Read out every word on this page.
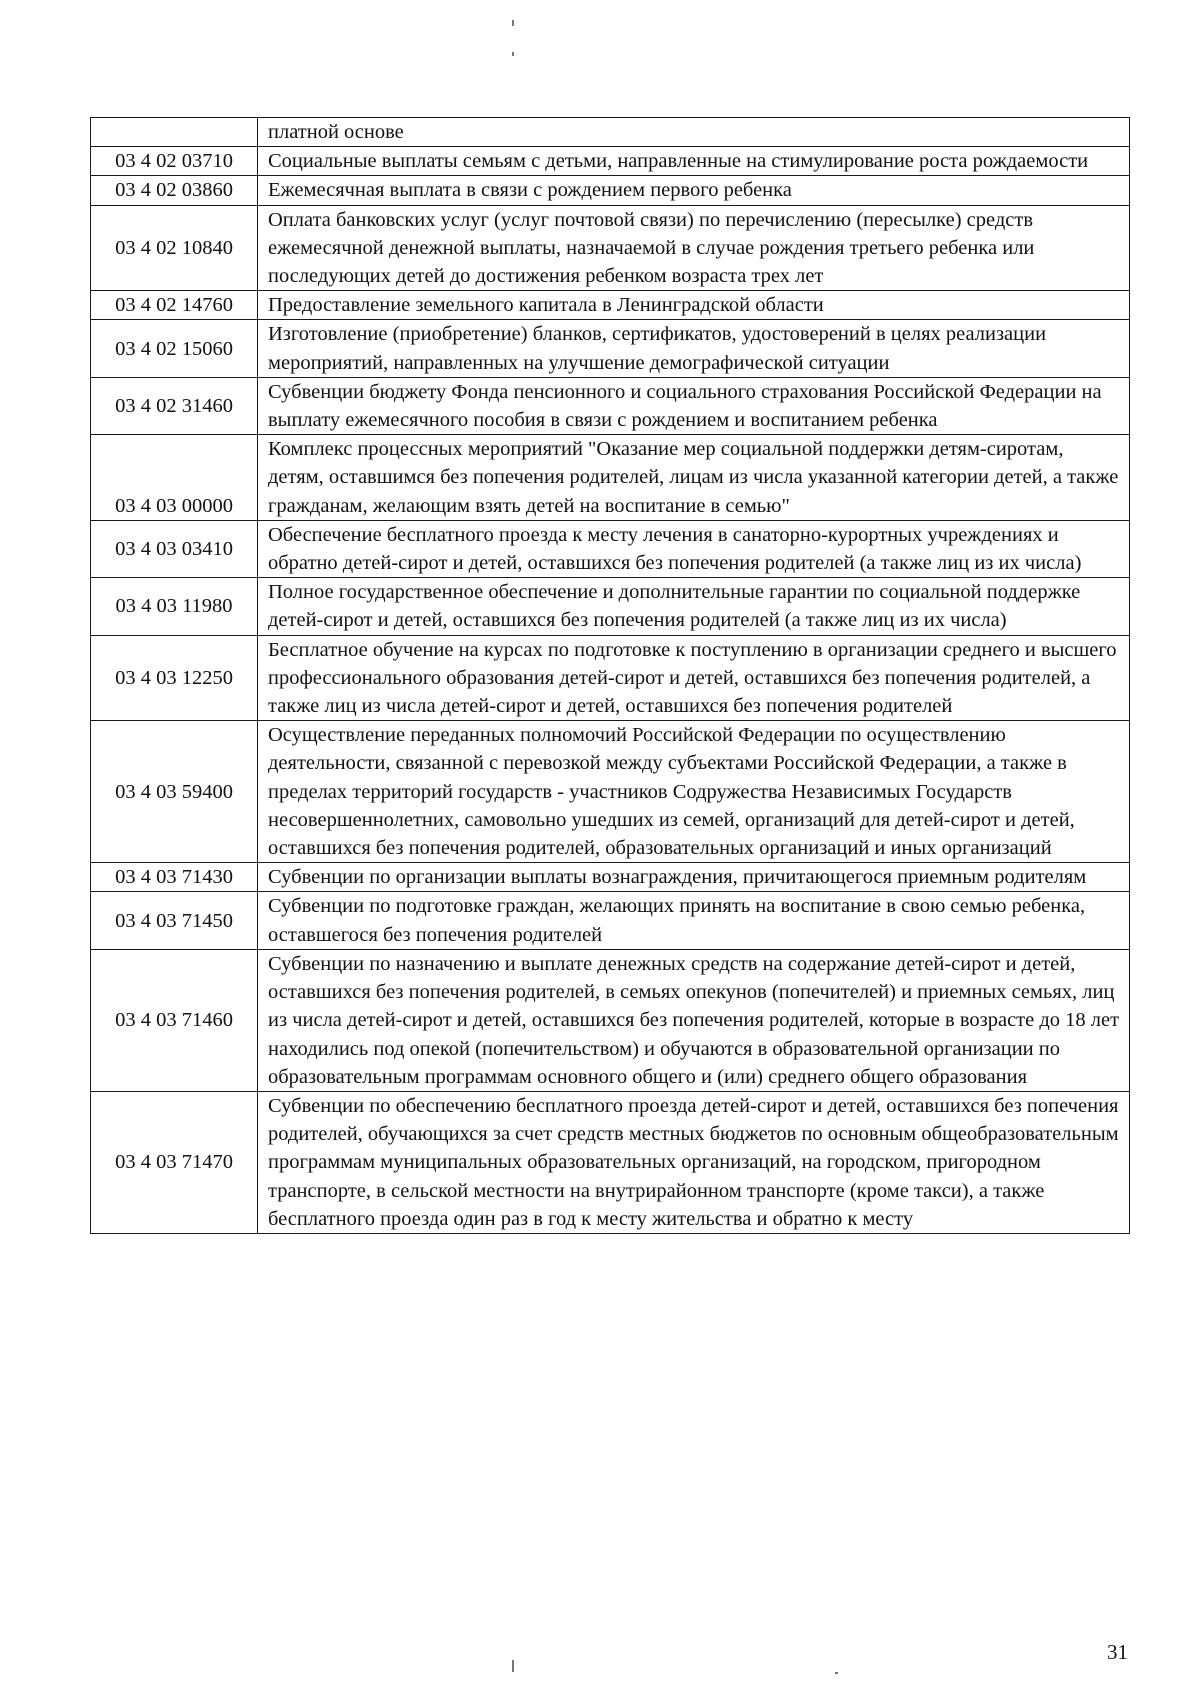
	платной основе
03 4 02 03710	Социальные выплаты семьям с детьми, направленные на стимулирование роста рождаемости
03 4 02 03860	Ежемесячная выплата в связи с рождением первого ребенка
03 4 02 10840	Оплата банковских услуг (услуг почтовой связи) по перечислению (пересылке) средств ежемесячной денежной выплаты, назначаемой в случае рождения третьего ребенка или последующих детей до достижения ребенком возраста трех лет
03 4 02 14760	Предоставление земельного капитала в Ленинградской области
03 4 02 15060	Изготовление (приобретение) бланков, сертификатов, удостоверений в целях реализации мероприятий, направленных на улучшение демографической ситуации
03 4 02 31460	Субвенции бюджету Фонда пенсионного и социального страхования Российской Федерации на выплату ежемесячного пособия в связи с рождением и воспитанием ребенка
03 4 03 00000	Комплекс процессных мероприятий "Оказание мер социальной поддержки детям-сиротам, детям, оставшимся без попечения родителей, лицам из числа указанной категории детей, а также гражданам, желающим взять детей на воспитание в семью"
03 4 03 03410	Обеспечение бесплатного проезда к месту лечения в санаторно-курортных учреждениях и обратно детей-сирот и детей, оставшихся без попечения родителей (а также лиц из их числа)
03 4 03 11980	Полное государственное обеспечение и дополнительные гарантии по социальной поддержке детей-сирот и детей, оставшихся без попечения родителей (а также лиц из их числа)
03 4 03 12250	Бесплатное обучение на курсах по подготовке к поступлению в организации среднего и высшего профессионального образования детей-сирот и детей, оставшихся без попечения родителей, а также лиц из числа детей-сирот и детей, оставшихся без попечения родителей
03 4 03 59400	Осуществление переданных полномочий Российской Федерации по осуществлению деятельности, связанной с перевозкой между субъектами Российской Федерации, а также в пределах территорий государств - участников Содружества Независимых Государств несовершеннолетних, самовольно ушедших из семей, организаций для детей-сирот и детей, оставшихся без попечения родителей, образовательных организаций и иных организаций
03 4 03 71430	Субвенции по организации выплаты вознаграждения, причитающегося приемным родителям
03 4 03 71450	Субвенции по подготовке граждан, желающих принять на воспитание в свою семью ребенка, оставшегося без попечения родителей
03 4 03 71460	Субвенции по назначению и выплате денежных средств на содержание детей-сирот и детей, оставшихся без попечения родителей, в семьях опекунов (попечителей) и приемных семьях, лиц из числа детей-сирот и детей, оставшихся без попечения родителей, которые в возрасте до 18 лет находились под опекой (попечительством) и обучаются в образовательной организации по образовательным программам основного общего и (или) среднего общего образования
03 4 03 71470	Субвенции по обеспечению бесплатного проезда детей-сирот и детей, оставшихся без попечения родителей, обучающихся за счет средств местных бюджетов по основным общеобразовательным программам муниципальных образовательных организаций, на городском, пригородном транспорте, в сельской местности на внутрирайонном транспорте (кроме такси), а также бесплатного проезда один раз в год к месту жительства и обратно к месту
31
